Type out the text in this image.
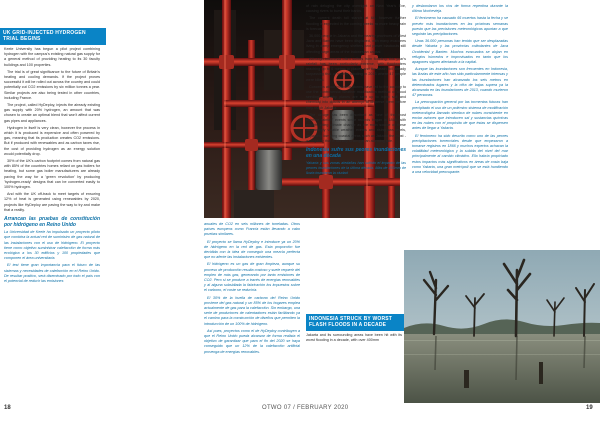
UK GRID-INJECTED HYDROGEN TRIAL BEGINS

Keele University has begun a pilot project combining hydrogen with the campus's existing natural gas supply for a general method of providing heating to its 30 faculty buildings and 100 properties.

The trial is of great significance to the future of Britain's heating and cooling demands. If the project proves successful it will be rolled out across the country and could potentially cut CO2 emissions by six million tonnes a year. Similar projects are also being tested in other countries, including France.

The project, called HyDeploy, injects the already existing gas supply with 20% hydrogen, an amount that was chosen to create an optimal blend that won't affect current gas pipes and appliances.

Hydrogen in itself is very clean, however the process in which it is produced is expensive and often powered by gas, meaning that its production creates CO2 emissions. But if produced with renewables and as carbon taxes rise, the cost of providing hydrogen as an energy solution would potentially drop.

30% of the UK's carbon footprint comes from natural gas with 85% of the countries homes reliant on gas boilers for heating, but some gas boiler manufacturers are already paving the way for a 'green revolution' by producing 'hydrogen-ready' designs that can be converted easily to 100% hydrogen.

And with the UK off-track to meet targets of ensuring 12% of heat is generated using renewables by 2020, projects like HyDeploy are paving the way to try and make that a reality.

Arrancan las pruebas de constitución por hidrógeno en Reino Unido

La Universidad de Keele ha impulsado un proyecto piloto que combina la actual red de suministro de gas natural de las instalaciones con el uso de hidrógeno. El proyecto tiene como objetivo suministrar calefacción de forma más ecológica a los 30 edificios y 100 propiedades que componen el área universitaria.

El test tiene gran importancia para el futuro de las sistemas y necesidades de calefacción en el Reino Unido. De resultar positivo, será diseminado por todo el país con el potencial de reducir las emisiones

anuales de CO2 en seis millones de toneladas. Otros países europeos como Francia están llevando a cabo pruebas similares.

El proyecto se llama HyDeploy e introduce ya un 20% de hidrógeno en la red de gas. Esta proporción fue decidida con la idea de conseguir una mezcla perfecta que no afecte las instalaciones existentes.

El hidrógeno es un gas de gran limpieza, aunque su proceso de producción resulta costoso y suele requerir del empleo de más gas, generando por tanto emisiones de CO2. Pero si se produce a través de energías renovables y al alguna subsidiada la fabricación los impuestos sobre el carbono, el coste se reduciría.

El 30% de la huella de carbono del Reino Unido proviene del gas natural y un 85% de los hogares emplea actualmente de gas para la calefacción. Sin embargo, una serie de productores de calentadores están facilitando ya el camino para la construcción de diseños que permiten la introducción de un 100% de hidrógeno.

Así pues, proyectos como el de HyDeploy contribuyen a que el Reino Unido pueda alcanzar de forma realista el objetivo de garantizar que para el fin del 2020 se haya conseguido que un 12% de la calefacción artificial provenga de energías renovables.

INDONESIA STRUCK BY WORST FLASH FLOODS IN A DECADE

Jakarta and its surrounding areas have been hit with its worst flooding in a decade, with over 400mm

of rain deluging the city overnight on New Year's Eve, causing rivers to burst their banks.

The current death toll stands at 66, however further flooding is expected in the coming weeks as more heavy rain is forecast.

36,000 people in Jakarta and the nearby provinces of West Java and Banten have been displaced, with many evacuees living in damp emergency shelters and power blackouts still affecting large areas of the Indonesian capital.

Although Indonesia often suffers from flooding, this year's rainfall has been particularly extreme, with floodwaters reaching up to 6 metres in places and the death toll already surpassing that of severe flooding in 2013 where 47 people were killed.

Concerns about incoming storms have led to the country to use the controversial weather modification method of 'cloud seeding', whereby planes are sent up to inject salt and chemical into clouds in an attempt to disperse them before they reach Jakarta.

The deluge has been described as "one of the most extreme rainfall" events since records began in 1866, with experts citing climate change as the main source of these increasingly volatile weather events and rising sea levels, impacting low lying coastal areas such as Jakarta the most - a megacity that is already sinking at an alarming rate.

Indonesia sufre sus peores inundaciones en una década

Yakarta y sus zonas aledañas han sufrido el impacto de las peores inundaciones de la última década. Más de 400mm de lluvia inundaron la ciudad

y desbordaron los ríos de forma repentina durante la última Nochevieja.

El fenómeno ha causado 66 muertos hasta la fecha y se prevén más inundaciones en las próximas semanas puesto que las previsiones meteorológicas apuntan a que seguirán las precipitaciones.

Unas 36.000 personas han tenido que ser desplazadas desde Yakarta y las provincias colindantes de Java Occidental y Banten. Muchos evacuados se alojan en refugios húmedos e improvisados en tanto que los apagones siguen afectando a la capital.

Aunque las inundaciones son frecuentes en Indonesia, las lluvias de este año han sido particularmente intensas y las inundaciones han alcanzado los seis metros en determinados lugares y la cifra de bajas supera ya la alcanzada en las inundaciones de 2013, cuando murieron 47 personas.

La preocupación general por las tormentas futuras han precipitado el uso de un polémico sistema de modificación meteorológica llamado siembra de nubes consistente en enviar aviones que introducen sal y sustancias químicas en las nubes con el propósito de que éstas se dispersen antes de llegar a Yakarta.

El fenómeno ha sido descrito como uno de las peores precipitaciones torrenciales desde que empezaron a tomarse registros en 1866 y muchos expertos achacan la volatilidad meteorológica y la subida del nivel del mar principalmente al cambio climático. Ello habría propiciado estos impactos más significativos en áreas de costa baja como Yakarta, una gran metrópoli que se está hundiendo a una velocidad preocupante.

18	OTWO 07 / FEBRUARY 2020	19
